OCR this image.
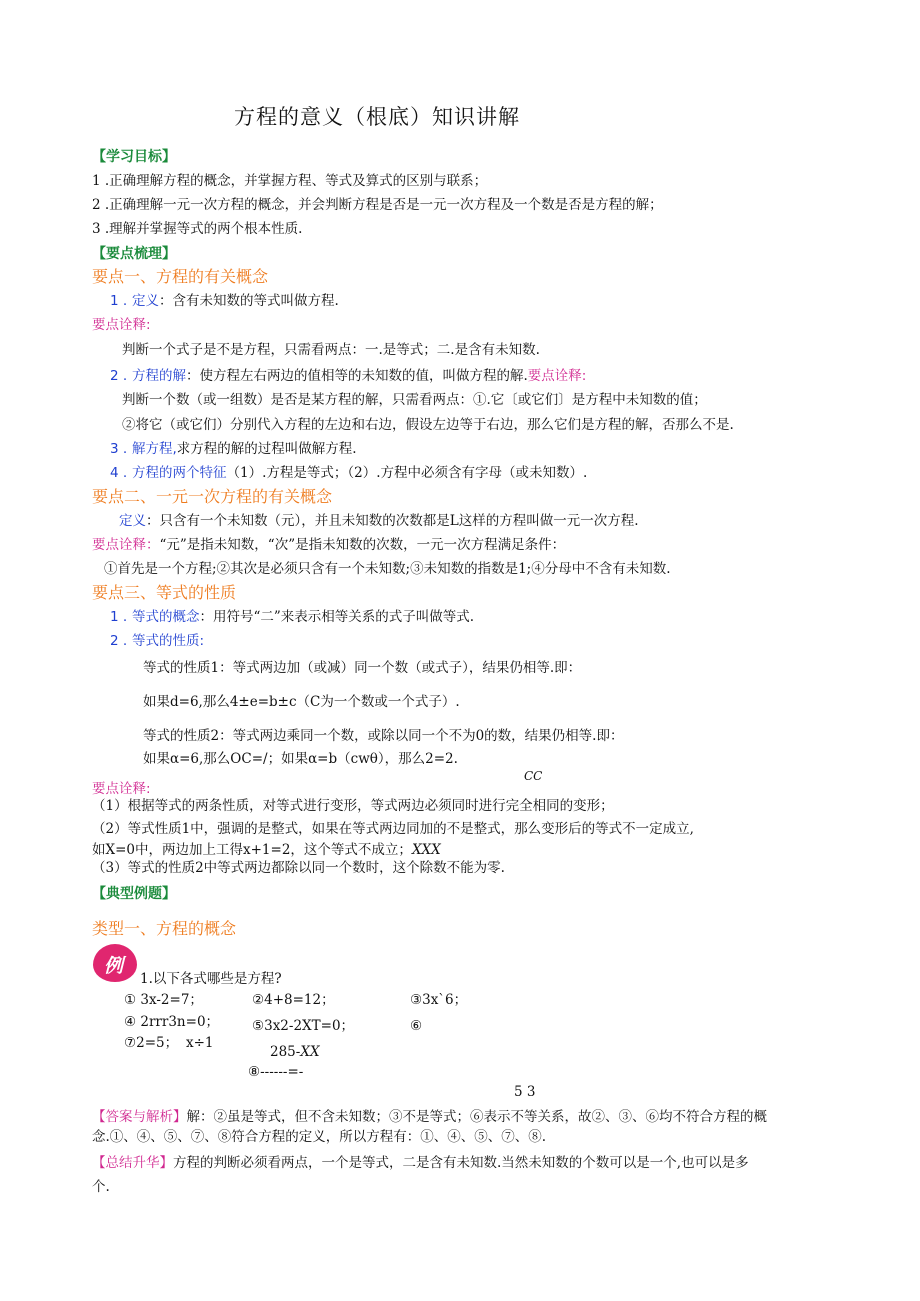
方程的意义（根底）知识讲解
【学习目标】
1 .正确理解方程的概念，并掌握方程、等式及算式的区别与联系；
2 .正确理解一元一次方程的概念，并会判断方程是否是一元一次方程及一个数是否是方程的解；
3 .理解并掌握等式的两个根本性质.
【要点梳理】
要点一、方程的有关概念
1 . 定义：含有未知数的等式叫做方程.
要点诠释:
判断一个式子是不是方程，只需看两点：一.是等式；二.是含有未知数.
2 . 方程的解：使方程左右两边的值相等的未知数的值，叫做方程的解.要点诠释:
判断一个数（或一组数）是否是某方程的解，只需看两点：①.它〔或它们〕是方程中未知数的值；
②将它（或它们）分别代入方程的左边和右边，假设左边等于右边，那么它们是方程的解，否那么不是.
3 . 解方程,求方程的解的过程叫做解方程.
4 . 方程的两个特征（1）.方程是等式；（2）.方程中必须含有字母（或未知数）.
要点二、一元一次方程的有关概念
定义：只含有一个未知数（元），并且未知数的次数都是L这样的方程叫做一元一次方程.
要点诠释：“元”是指未知数，“次”是指未知数的次数，一元一次方程满足条件：
①首先是一个方程;②其次是必须只含有一个未知数;③未知数的指数是1;④分母中不含有未知数.
要点三、等式的性质
1 . 等式的概念：用符号“二”来表示相等关系的式子叫做等式.
2 . 等式的性质:
等式的性质1：等式两边加（或减）同一个数（或式子），结果仍相等.即：
如果d=6,那么4±e=b±c（C为一个数或一个式子）.
等式的性质2：等式两边乘同一个数，或除以同一个不为0的数，结果仍相等.即：
如果α=6,那么OC=/；如果α=b（cwθ），那么2=2.
CC
要点诠释:
（1）根据等式的两条性质，对等式进行变形，等式两边必须同时进行完全相同的变形；
（2）等式性质1中，强调的是整式，如果在等式两边同加的不是整式，那么变形后的等式不一定成立,
如X=0中，两边加上工得x+1=2，这个等式不成立；XXX
（3）等式的性质2中等式两边都除以同一个数时，这个除数不能为零.
【典型例题】
类型一、方程的概念
例
1.以下各式哪些是方程?
① 3x-2=7；	②4+8=12；	③3x`6；
④ 2rrr3n=0； ⑤3x2-2XT=0；	⑥
⑦2=5； x÷1
285-XX
⑧------=-
5 3
【答案与解析】解：②虽是等式，但不含未知数；③不是等式；⑥表示不等关系，故②、③、⑥均不符合方程的概
念.①、④、⑤、⑦、⑧符合方程的定义，所以方程有：①、④、⑤、⑦、⑧.
【总结升华】方程的判断必须看两点，一个是等式，二是含有未知数.当然未知数的个数可以是一个,也可以是多
个.
